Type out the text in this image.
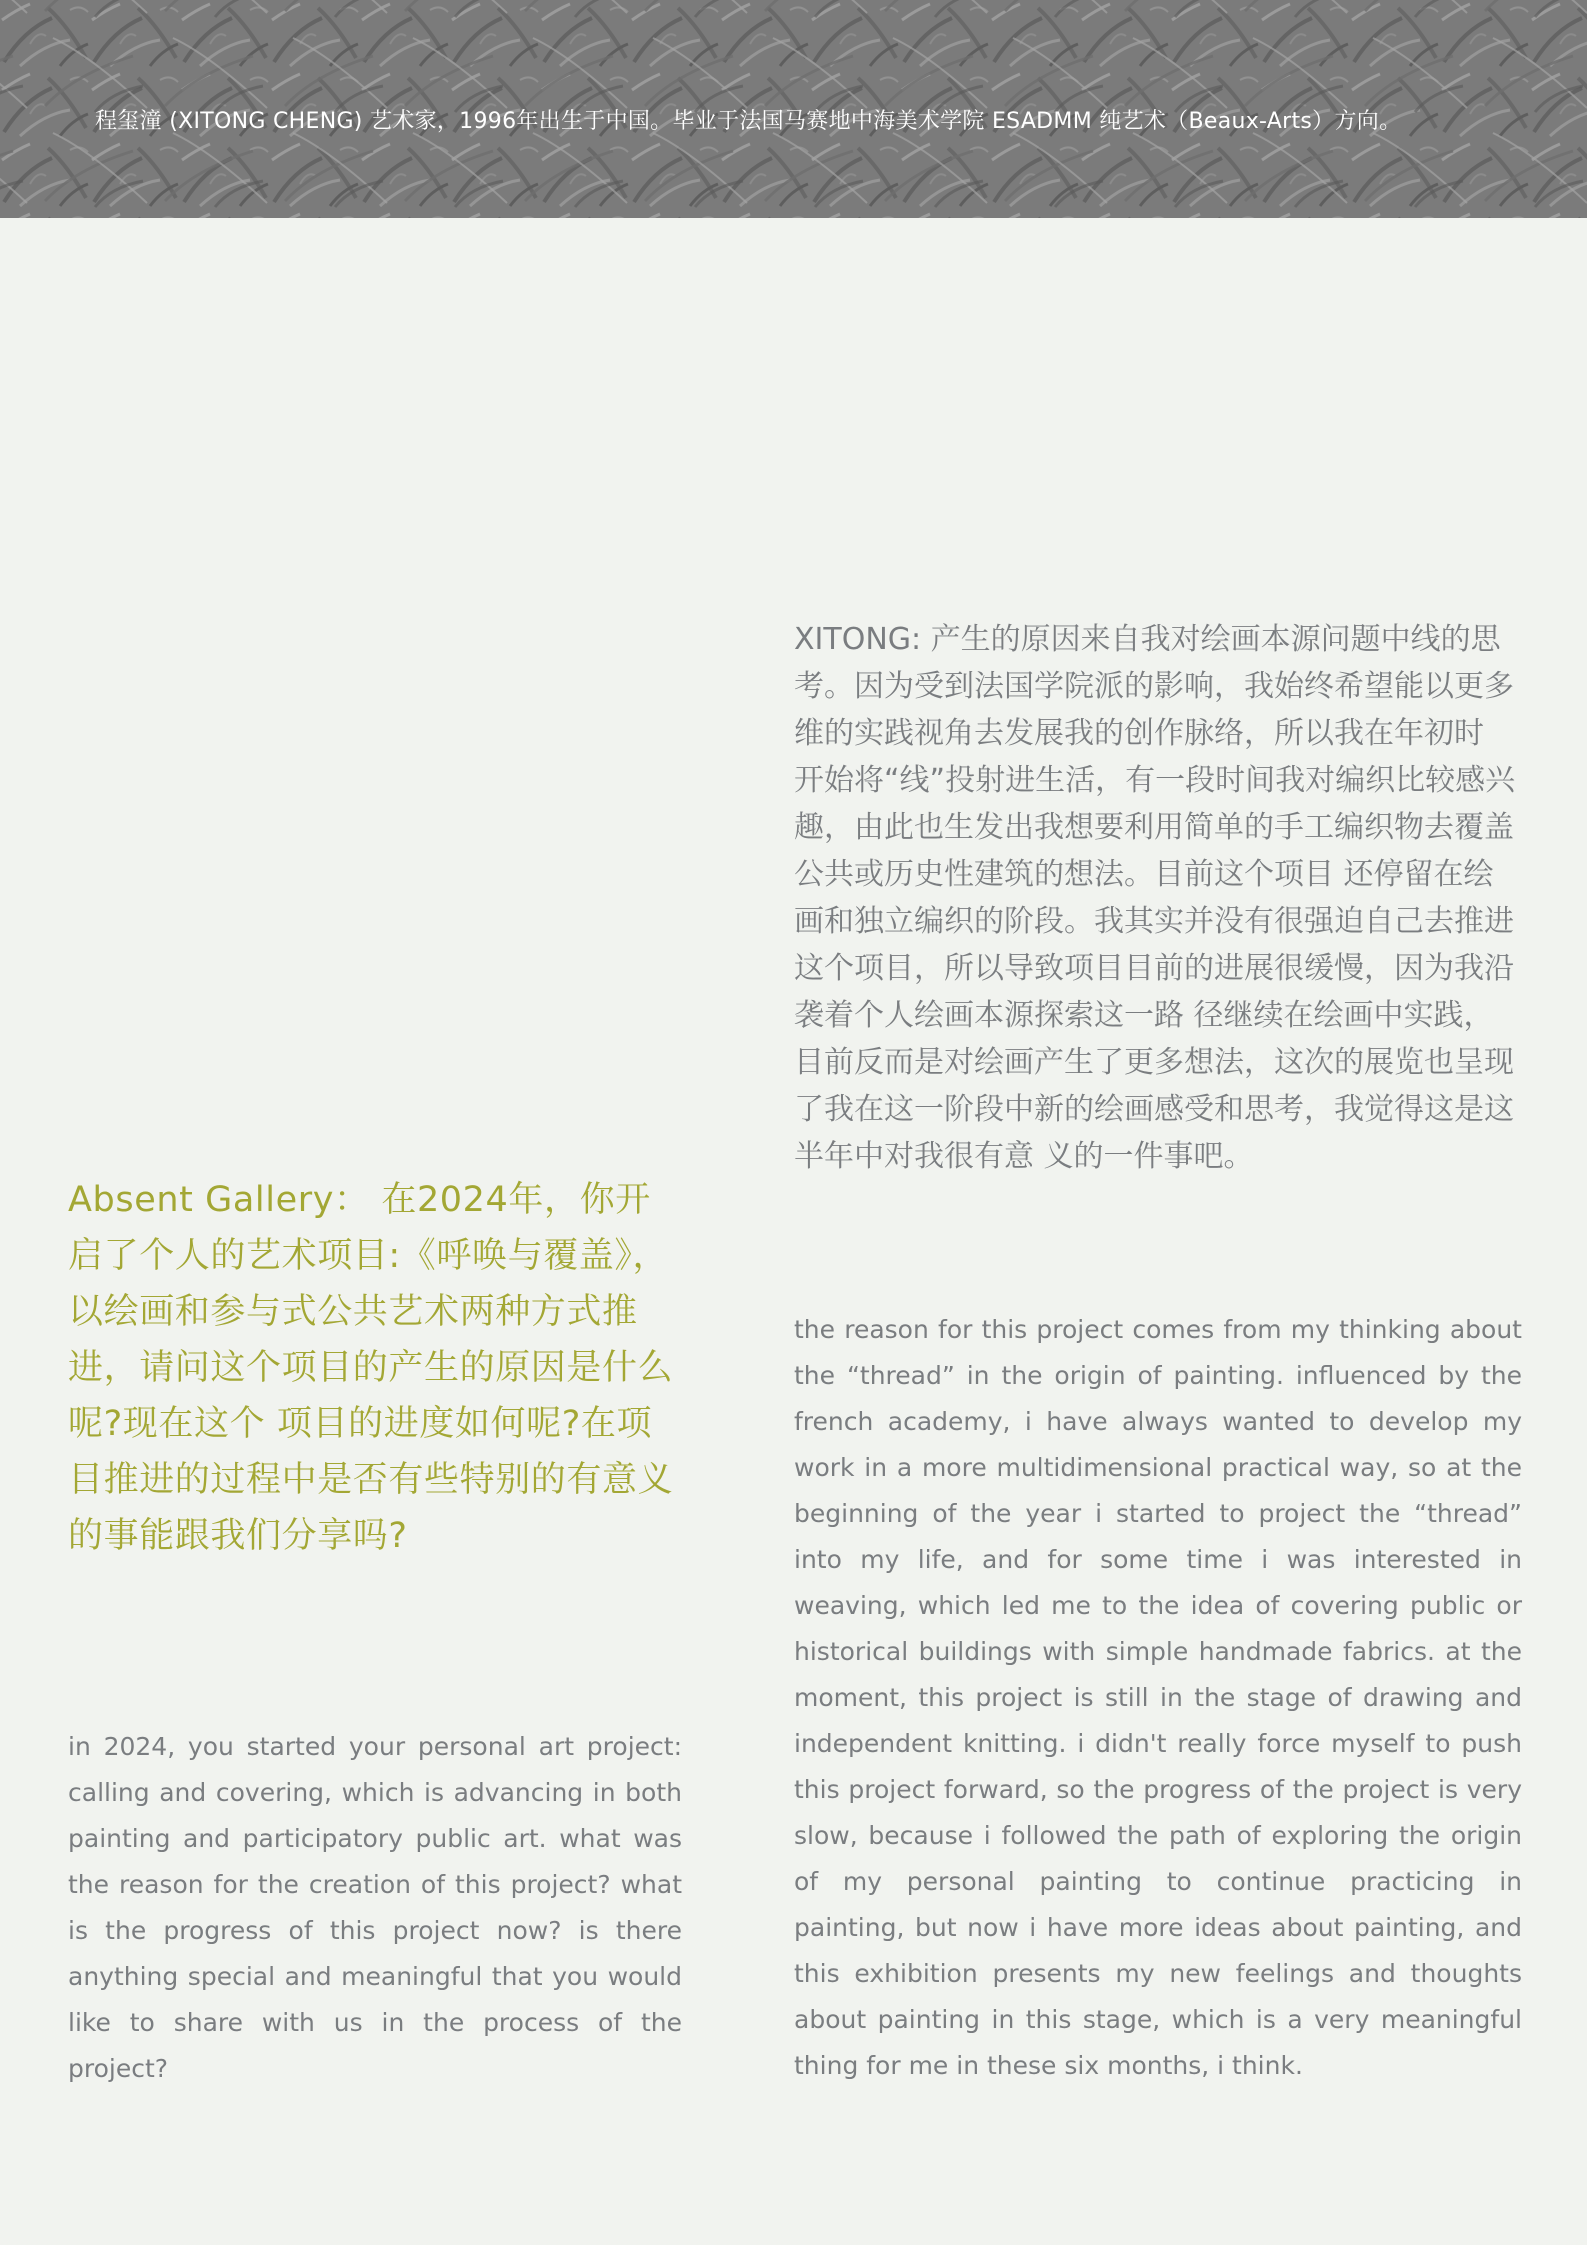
程玺潼 (XITONG CHENG) 艺术家，1996年出生于中国。毕业于法国马赛地中海美术学院 ESADMM 纯艺术（Beaux-Arts）方向。

Absent Gallery： 在2024年，你开启了个人的艺术项目:《呼唤与覆盖》，以绘画和参与式公共艺术两种方式推进，请问这个项目的产生的原因是什么呢?现在这个 项目的进度如何呢?在项目推进的过程中是否有些特别的有意义的事能跟我们分享吗?

in 2024, you started your personal art project: calling and covering, which is advancing in both painting and participatory public art. what was the reason for the creation of this project? what is the progress of this project now? is there anything special and meaningful that you would like to share with us in the process of the project?

XITONG: 产生的原因来自我对绘画本源问题中线的思考。因为受到法国学院派的影响，我始终希望能以更多维的实践视角去发展我的创作脉络，所以我在年初时 开始将“线”投射进生活，有一段时间我对编织比较感兴趣，由此也生发出我想要利用简单的手工编织物去覆盖公共或历史性建筑的想法。目前这个项目 还停留在绘画和独立编织的阶段。我其实并没有很强迫自己去推进这个项目，所以导致项目目前的进展很缓慢，因为我沿袭着个人绘画本源探索这一路 径继续在绘画中实践，目前反而是对绘画产生了更多想法，这次的展览也呈现了我在这一阶段中新的绘画感受和思考，我觉得这是这半年中对我很有意 义的一件事吧。

the reason for this project comes from my thinking about the “thread” in the origin of painting. influenced by the french academy, i have always wanted to develop my work in a more multidimensional practical way, so at the beginning of the year i started to project the “thread” into my life, and for some time i was interested in weaving, which led me to the idea of covering public or historical buildings with simple handmade fabrics. at the moment, this project is still in the stage of drawing and independent knitting. i didn't really force myself to push this project forward, so the progress of the project is very slow, because i followed the path of exploring the origin of my personal painting to continue practicing in painting, but now i have more ideas about painting, and this exhibition presents my new feelings and thoughts about painting in this stage, which is a very meaningful thing for me in these six months, i think.
